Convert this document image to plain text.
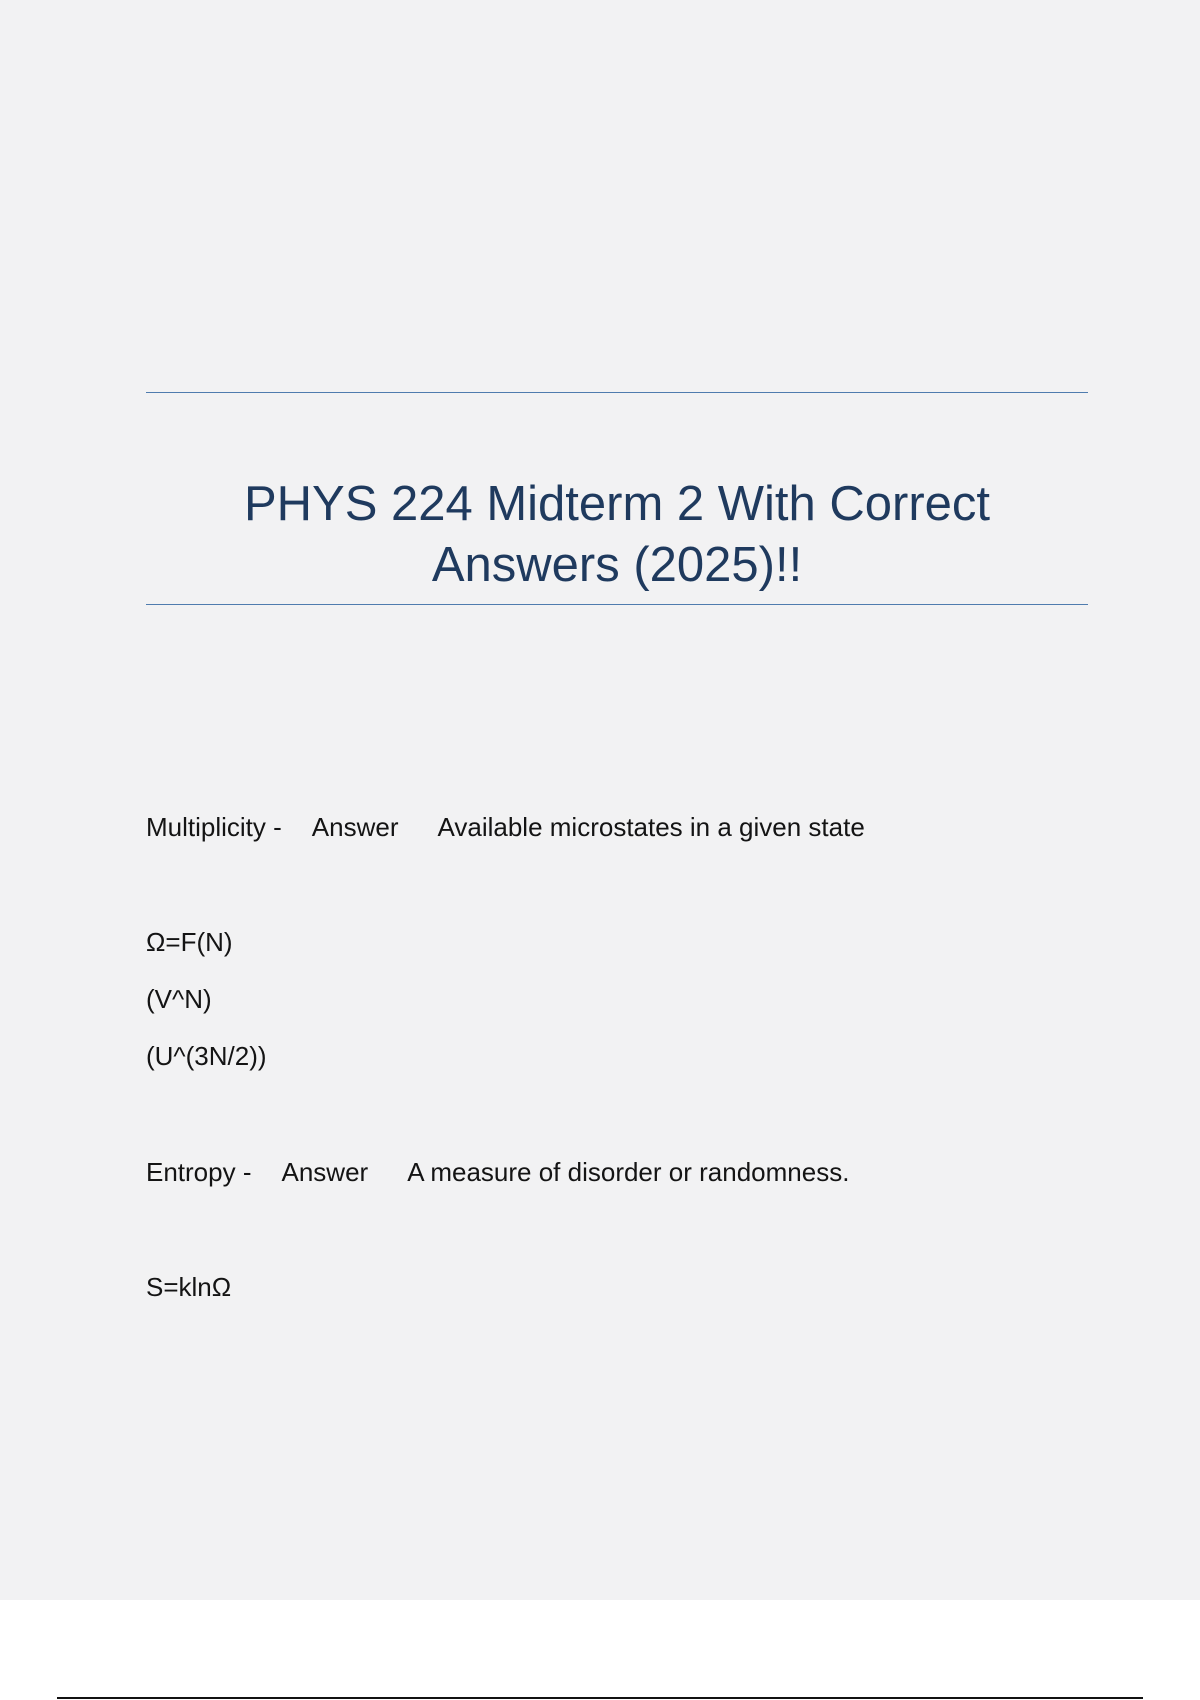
PHYS 224 Midterm 2 With Correct Answers (2025)!!
Multiplicity - Answer Available microstates in a given state
Ω=F(N)
(V^N)
(U^(3N/2))
Entropy - Answer A measure of disorder or randomness.
S=klnΩ
